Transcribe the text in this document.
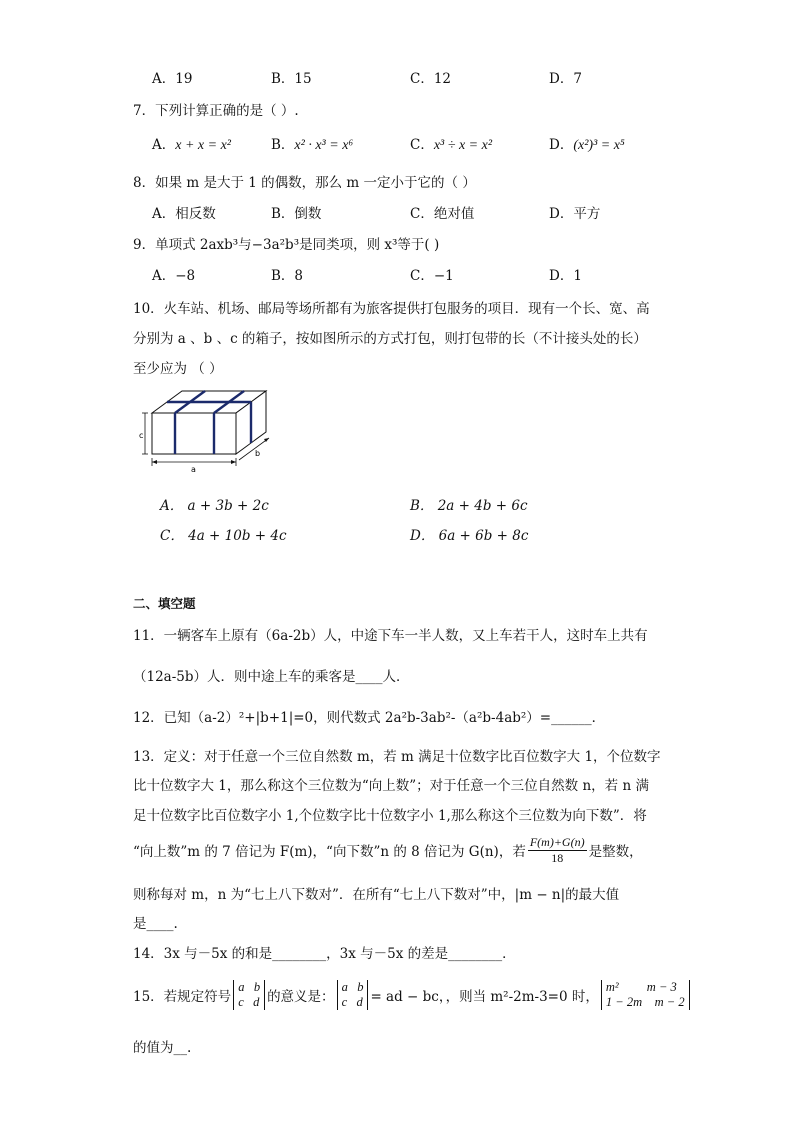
A．19	B．15	C．12	D．7
7．下列计算正确的是（ ）.
A．x + x = x²	B．x² · x³ = x⁶	C．x³ ÷ x = x²	D．(x²)³ = x⁵
8．如果 m 是大于 1 的偶数，那么 m 一定小于它的（ ）
A．相反数	B．倒数	C．绝对值	D．平方
9．单项式 2axb³与−3a²b³是同类项，则 x³等于( )
A．−8	B．8	C．−1	D．1
10．火车站、机场、邮局等场所都有为旅客提供打包服务的项目．现有一个长、宽、高
分别为 a 、b 、c 的箱子，按如图所示的方式打包，则打包带的长（不计接头处的长）
至少应为 （ ）
c
a
b
A． a + 3b + 2c	B． 2a + 4b + 6c
C． 4a + 10b + 4c	D． 6a + 6b + 8c
二、填空题
11．一辆客车上原有（6a-2b）人，中途下车一半人数，又上车若干人，这时车上共有
（12a-5b）人．则中途上车的乘客是____人．
12．已知（a-2）²+|b+1|=0，则代数式 2a²b-3ab²-（a²b-4ab²）=______．
13．定义：对于任意一个三位自然数 m，若 m 满足十位数字比百位数字大 1，个位数字
比十位数字大 1，那么称这个三位数为“向上数”；对于任意一个三位自然数 n，若 n 满
足十位数字比百位数字小 1,个位数字比十位数字小 1,那么称这个三位数为向下数”．将
“向上数”m 的 7 倍记为 F(m)，“向下数”n 的 8 倍记为 G(n)，若 $\frac{F(m)+G(n)}{18}$ 是整数，
则称每对 m，n 为“七上八下数对”．在所有“七上八下数对”中，|m − n|的最大值
是____.
14．3x 与－5x 的和是________，3x 与－5x 的差是________．
15．若规定符号
a   b
c   d 的意义是：
a   b
c   d = ad − bc，，则当 m²-2m-3=0 时，
m²         m − 3
1 − 2m    m − 2
的值为__.
